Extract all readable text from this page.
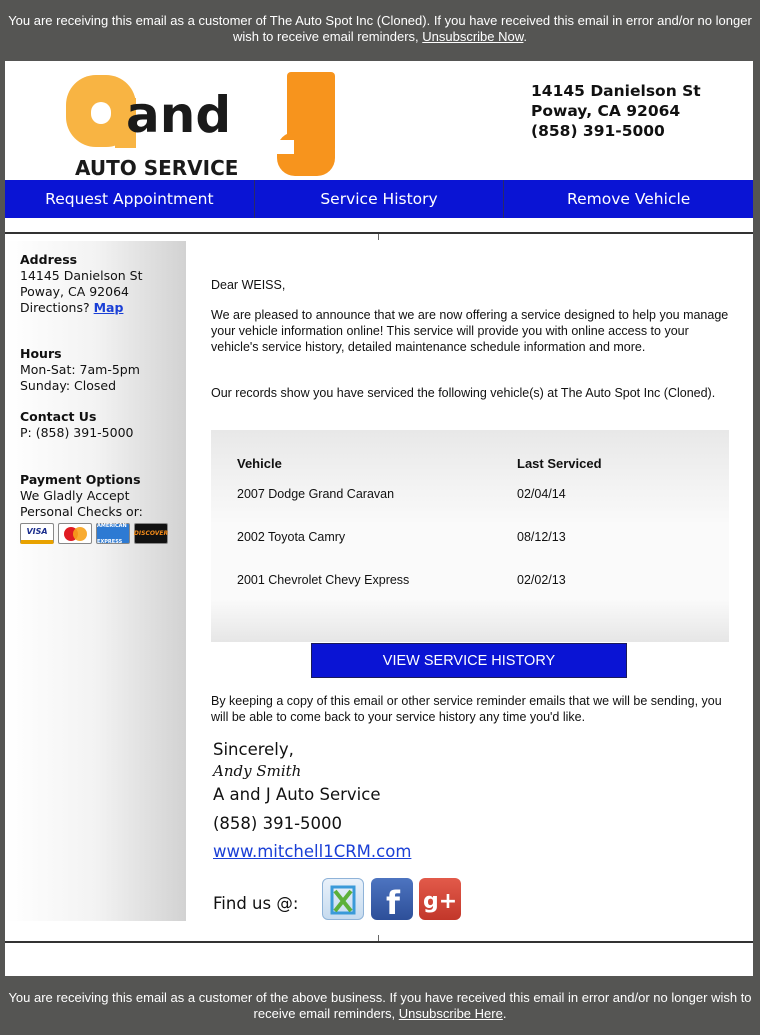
You are receiving this email as a customer of The Auto Spot Inc (Cloned). If you have received this email in error and/or no longer wish to receive email reminders, Unsubscribe Now.
and
AUTO SERVICE
14145 Danielson St
Poway, CA 92064
(858) 391-5000
Request Appointment	Service History	Remove Vehicle
Address
14145 Danielson St
Poway, CA 92064
Directions? Map
Hours
Mon-Sat: 7am-5pm
Sunday: Closed
Contact Us
P: (858) 391-5000
Payment Options
We Gladly Accept
Personal Checks or:
VISA
AMERICAN EXPRESS
DISCOVER
Dear WEISS,
We are pleased to announce that we are now offering a service designed to help you manage your vehicle information online! This service will provide you with online access to your vehicle's service history, detailed maintenance schedule information and more.
Our records show you have serviced the following vehicle(s) at The Auto Spot Inc (Cloned).
Vehicle	Last Serviced
2007 Dodge Grand Caravan	02/04/14
2002 Toyota Camry	08/12/13
2001 Chevrolet Chevy Express	02/02/13
VIEW SERVICE HISTORY
By keeping a copy of this email or other service reminder emails that we will be sending, you will be able to come back to your service history any time you'd like.
Sincerely,
Andy Smith
A and J Auto Service
(858) 391-5000
www.mitchell1CRM.com
Find us @:	f g+
You are receiving this email as a customer of the above business. If you have received this email in error and/or no longer wish to receive email reminders, Unsubscribe Here.
